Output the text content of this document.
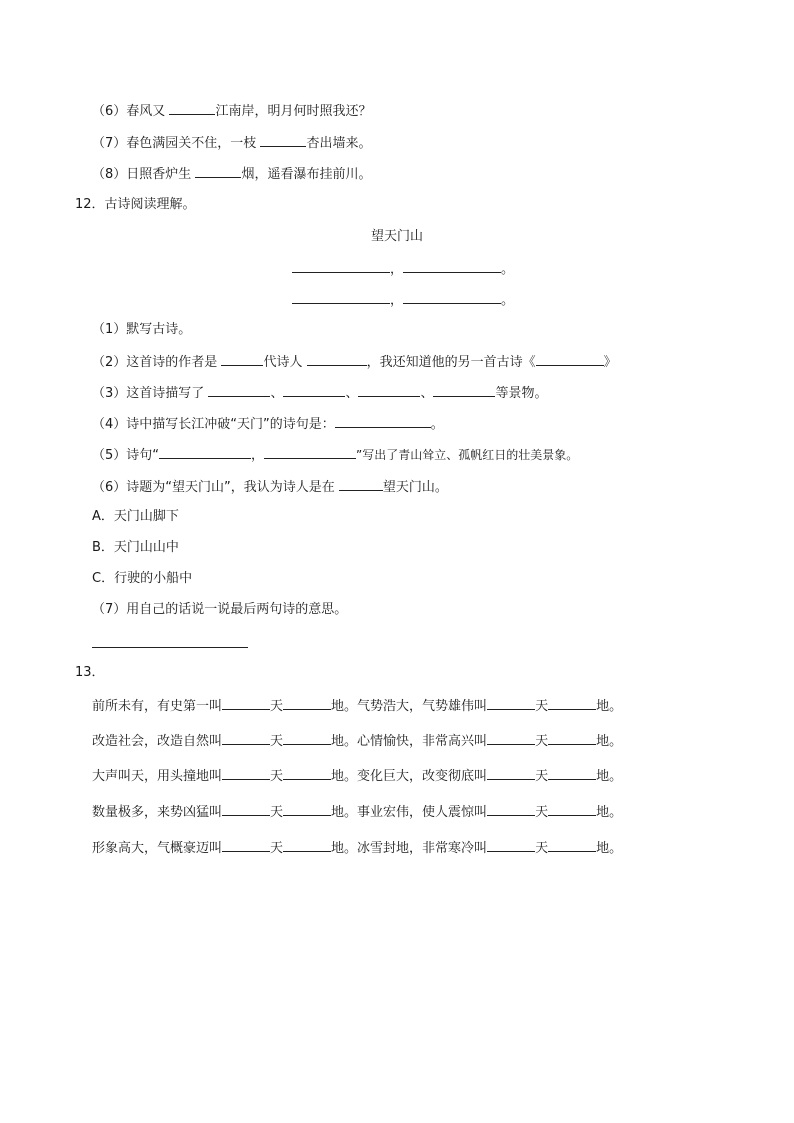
（6）春风又	江南岸，明月何时照我还？
（7）春色满园关不住，一枝	杏出墙来。
（8）日照香炉生	烟，遥看瀑布挂前川。
12．古诗阅读理解。
望天门山
，	。
，	。
（1）默写古诗。
（2）这首诗的作者是	代诗人	，我还知道他的另一首古诗《	》
（3）这首诗描写了	、	、	、	等景物。
（4）诗中描写长江冲破“天门”的诗句是：	。
（5）诗句“	，	”写出了青山耸立、孤帆红日的壮美景象。
（6）诗题为“望天门山”，我认为诗人是在	望天门山。
A．天门山脚下
B．天门山山中
C．行驶的小船中
（7）用自己的话说一说最后两句诗的意思。
13．
前所未有，有史第一叫	天	地。气势浩大，气势雄伟叫	天	地。
改造社会，改造自然叫	天	地。心情愉快，非常高兴叫	天	地。
大声叫天，用头撞地叫	天	地。变化巨大，改变彻底叫	天	地。
数量极多，来势凶猛叫	天	地。事业宏伟，使人震惊叫	天	地。
形象高大，气概豪迈叫	天	地。冰雪封地，非常寒冷叫	天	地。
